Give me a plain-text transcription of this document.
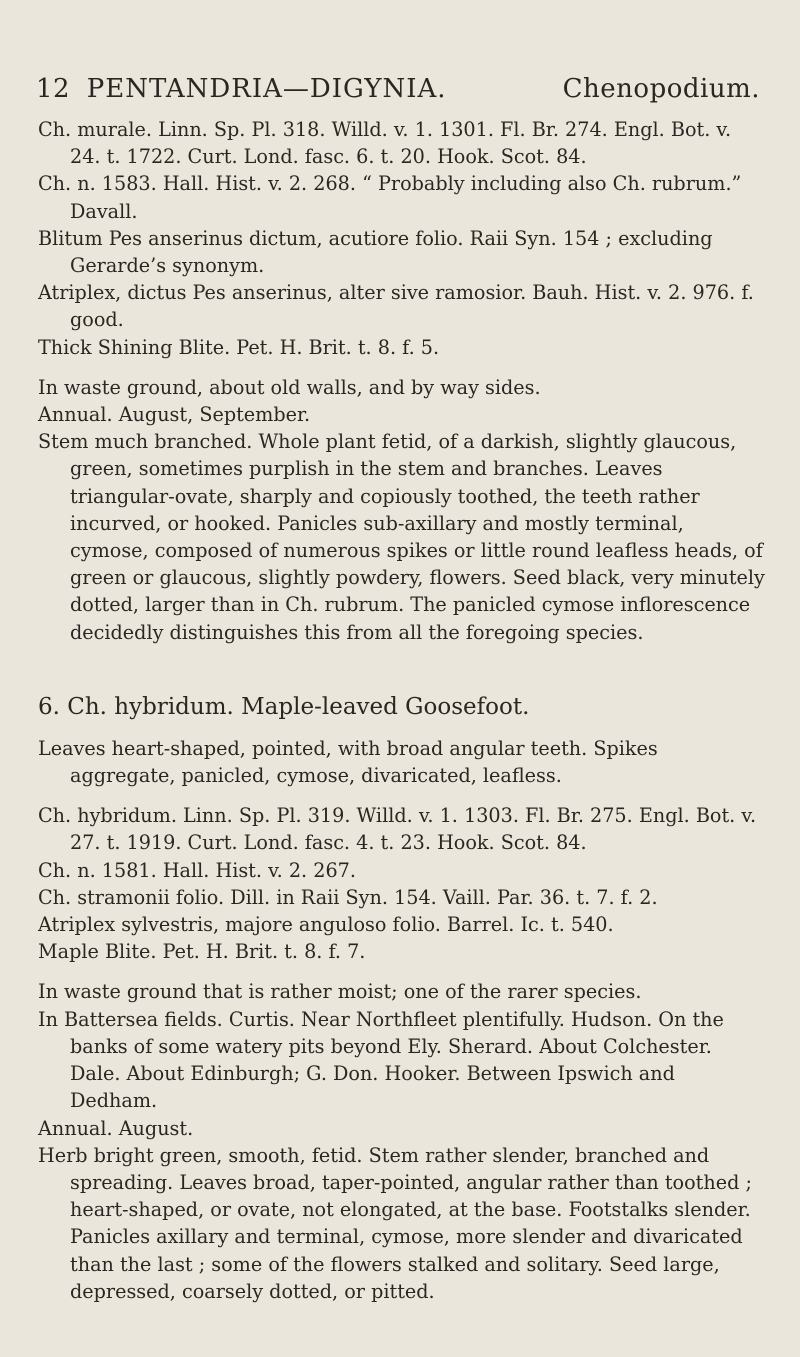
12 PENTANDRIA—DIGYNIA.	Chenopodium.

Ch. murale. Linn. Sp. Pl. 318. Willd. v. 1. 1301. Fl. Br. 274. Engl. Bot. v. 24. t. 1722. Curt. Lond. fasc. 6. t. 20. Hook. Scot. 84.

Ch. n. 1583. Hall. Hist. v. 2. 268. “ Probably including also Ch. rubrum.” Davall.

Blitum Pes anserinus dictum, acutiore folio. Raii Syn. 154 ; excluding Gerarde’s synonym.

Atriplex, dictus Pes anserinus, alter sive ramosior. Bauh. Hist. v. 2. 976. f. good.

Thick Shining Blite. Pet. H. Brit. t. 8. f. 5.

In waste ground, about old walls, and by way sides.

Annual. August, September.

Stem much branched. Whole plant fetid, of a darkish, slightly glaucous, green, sometimes purplish in the stem and branches. Leaves triangular-ovate, sharply and copiously toothed, the teeth rather incurved, or hooked. Panicles sub-axillary and mostly terminal, cymose, composed of numerous spikes or little round leafless heads, of green or glaucous, slightly powdery, flowers. Seed black, very minutely dotted, larger than in Ch. rubrum. The panicled cymose inflorescence decidedly distinguishes this from all the foregoing species.

6. Ch. hybridum. Maple-leaved Goosefoot.

Leaves heart-shaped, pointed, with broad angular teeth. Spikes aggregate, panicled, cymose, divaricated, leafless.

Ch. hybridum. Linn. Sp. Pl. 319. Willd. v. 1. 1303. Fl. Br. 275. Engl. Bot. v. 27. t. 1919. Curt. Lond. fasc. 4. t. 23. Hook. Scot. 84.

Ch. n. 1581. Hall. Hist. v. 2. 267.

Ch. stramonii folio. Dill. in Raii Syn. 154. Vaill. Par. 36. t. 7. f. 2.

Atriplex sylvestris, majore anguloso folio. Barrel. Ic. t. 540.

Maple Blite. Pet. H. Brit. t. 8. f. 7.

In waste ground that is rather moist; one of the rarer species.

In Battersea fields. Curtis. Near Northfleet plentifully. Hudson. On the banks of some watery pits beyond Ely. Sherard. About Colchester. Dale. About Edinburgh; G. Don. Hooker. Between Ipswich and Dedham.

Annual. August.

Herb bright green, smooth, fetid. Stem rather slender, branched and spreading. Leaves broad, taper-pointed, angular rather than toothed ; heart-shaped, or ovate, not elongated, at the base. Footstalks slender. Panicles axillary and terminal, cymose, more slender and divaricated than the last ; some of the flowers stalked and solitary. Seed large, depressed, coarsely dotted, or pitted.
